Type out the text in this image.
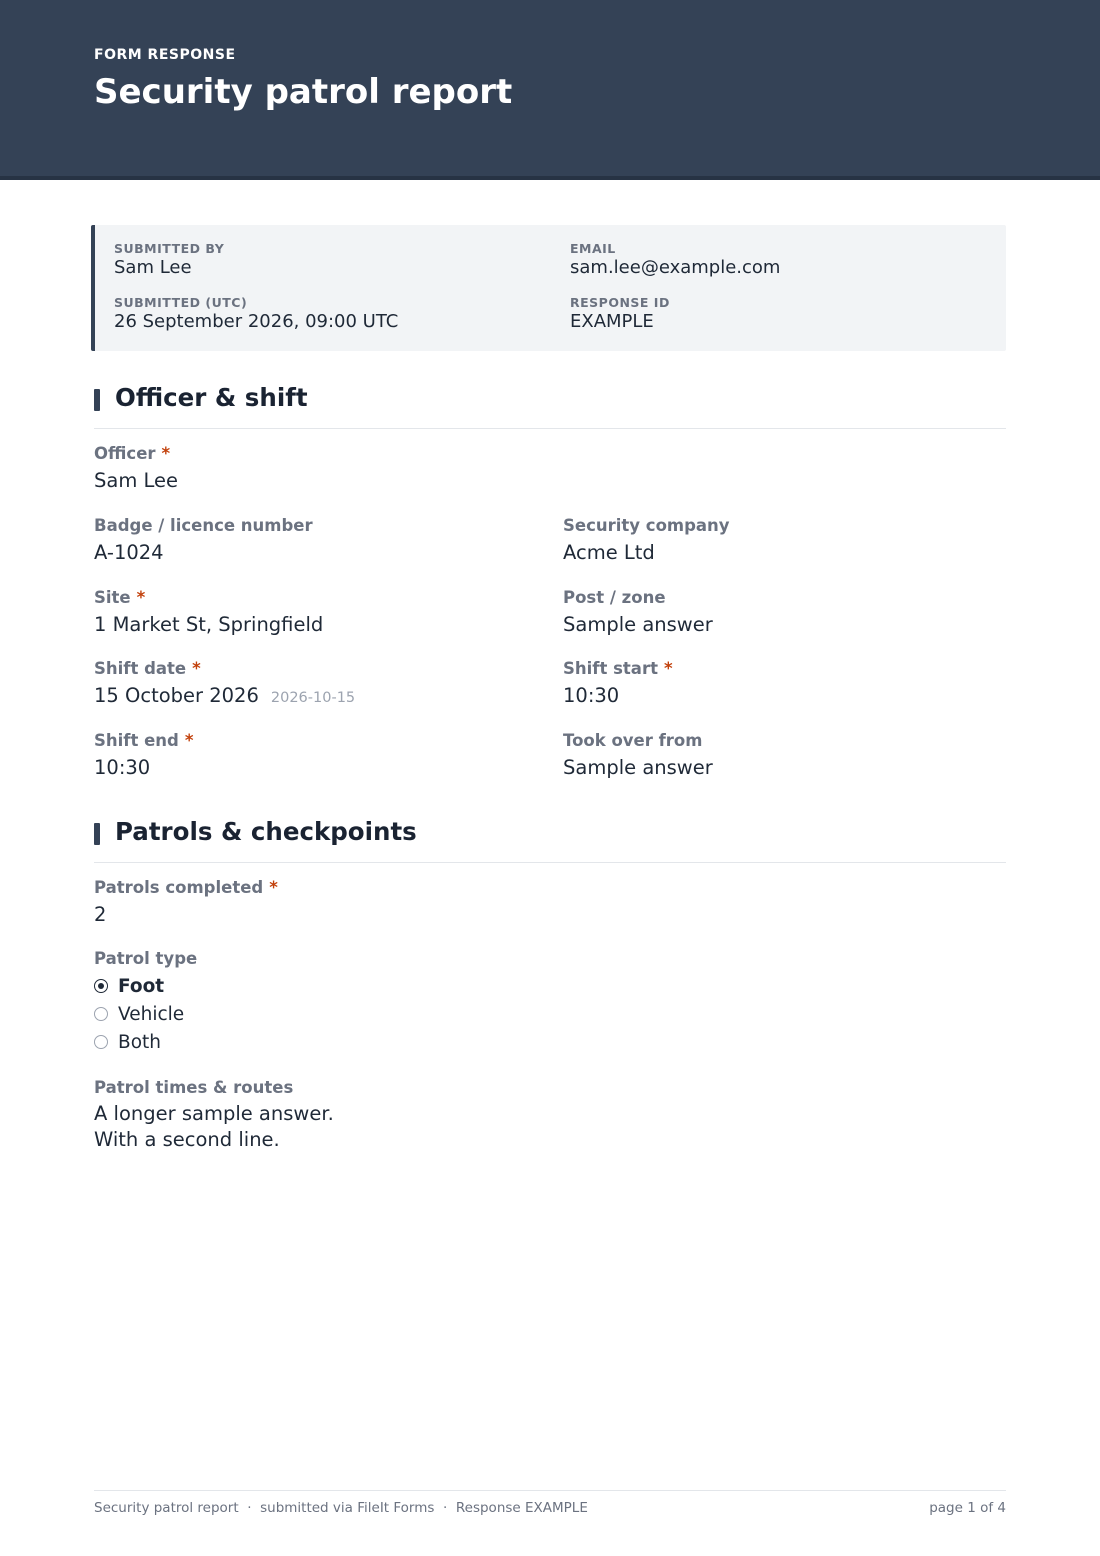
FORM RESPONSE
Security patrol report
SUBMITTED BY
Sam Lee
EMAIL
sam.lee@example.com
SUBMITTED (UTC)
26 September 2026, 09:00 UTC
RESPONSE ID
EXAMPLE
Officer & shift
Officer *
Sam Lee
Badge / licence number
A-1024
Security company
Acme Ltd
Site *
1 Market St, Springfield
Post / zone
Sample answer
Shift date *
15 October 2026 2026-10-15
Shift start *
10:30
Shift end *
10:30
Took over from
Sample answer
Patrols & checkpoints
Patrols completed *
2
Patrol type
Foot
Vehicle
Both
Patrol times & routes
A longer sample answer.
With a second line.
Security patrol report  ·  submitted via FileIt Forms  ·  Response EXAMPLE	page 1 of 4
